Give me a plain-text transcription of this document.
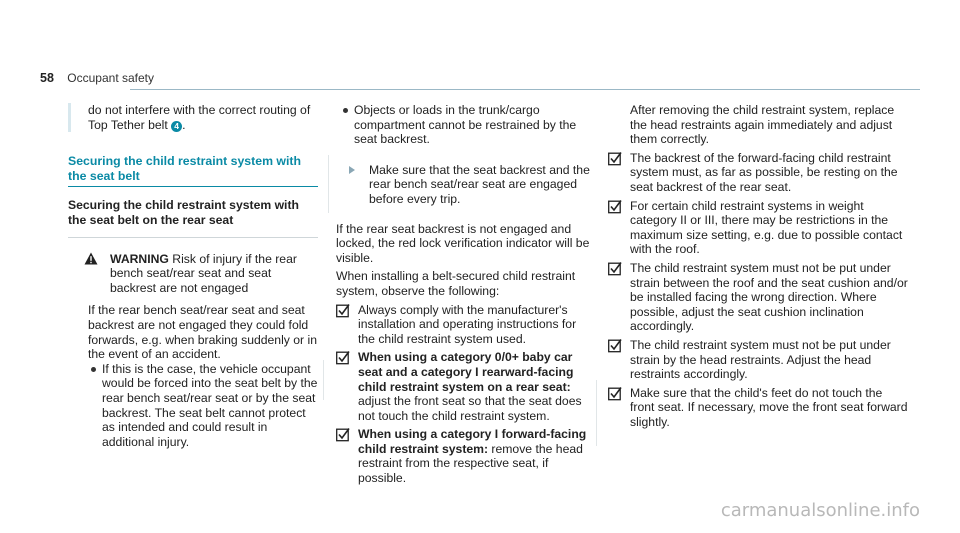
58 Occupant safety
do not interfere with the correct routing of Top Tether belt 4 .
Securing the child restraint system with the seat belt
Securing the child restraint system with the seat belt on the rear seat
WARNING Risk of injury if the rear bench seat/rear seat and seat backrest are not engaged
If the rear bench seat/rear seat and seat backrest are not engaged they could fold forwards, e.g. when braking suddenly or in the event of an accident.
If this is the case, the vehicle occupant would be forced into the seat belt by the rear bench seat/rear seat or by the seat backrest. The seat belt cannot protect as intended and could result in additional injury.
Objects or loads in the trunk/cargo compartment cannot be restrained by the seat backrest.
Make sure that the seat backrest and the rear bench seat/rear seat are engaged before every trip.
If the rear seat backrest is not engaged and locked, the red lock verification indicator will be visible.
When installing a belt-secured child restraint system, observe the following:
Always comply with the manufacturer's installation and operating instructions for the child restraint system used.
When using a category 0/0+ baby car seat and a category I rearward-facing child restraint system on a rear seat: adjust the front seat so that the seat does not touch the child restraint system.
When using a category I forward-facing child restraint system: remove the head restraint from the respective seat, if possible.
After removing the child restraint system, replace the head restraints again immediately and adjust them correctly.
The backrest of the forward-facing child restraint system must, as far as possible, be resting on the seat backrest of the rear seat.
For certain child restraint systems in weight category II or III, there may be restrictions in the maximum size setting, e.g. due to possible contact with the roof.
The child restraint system must not be put under strain between the roof and the seat cushion and/or be installed facing the wrong direction. Where possible, adjust the seat cushion inclination accordingly.
The child restraint system must not be put under strain by the head restraints. Adjust the head restraints accordingly.
Make sure that the child's feet do not touch the front seat. If necessary, move the front seat forward slightly.
carmanualsonline.info
